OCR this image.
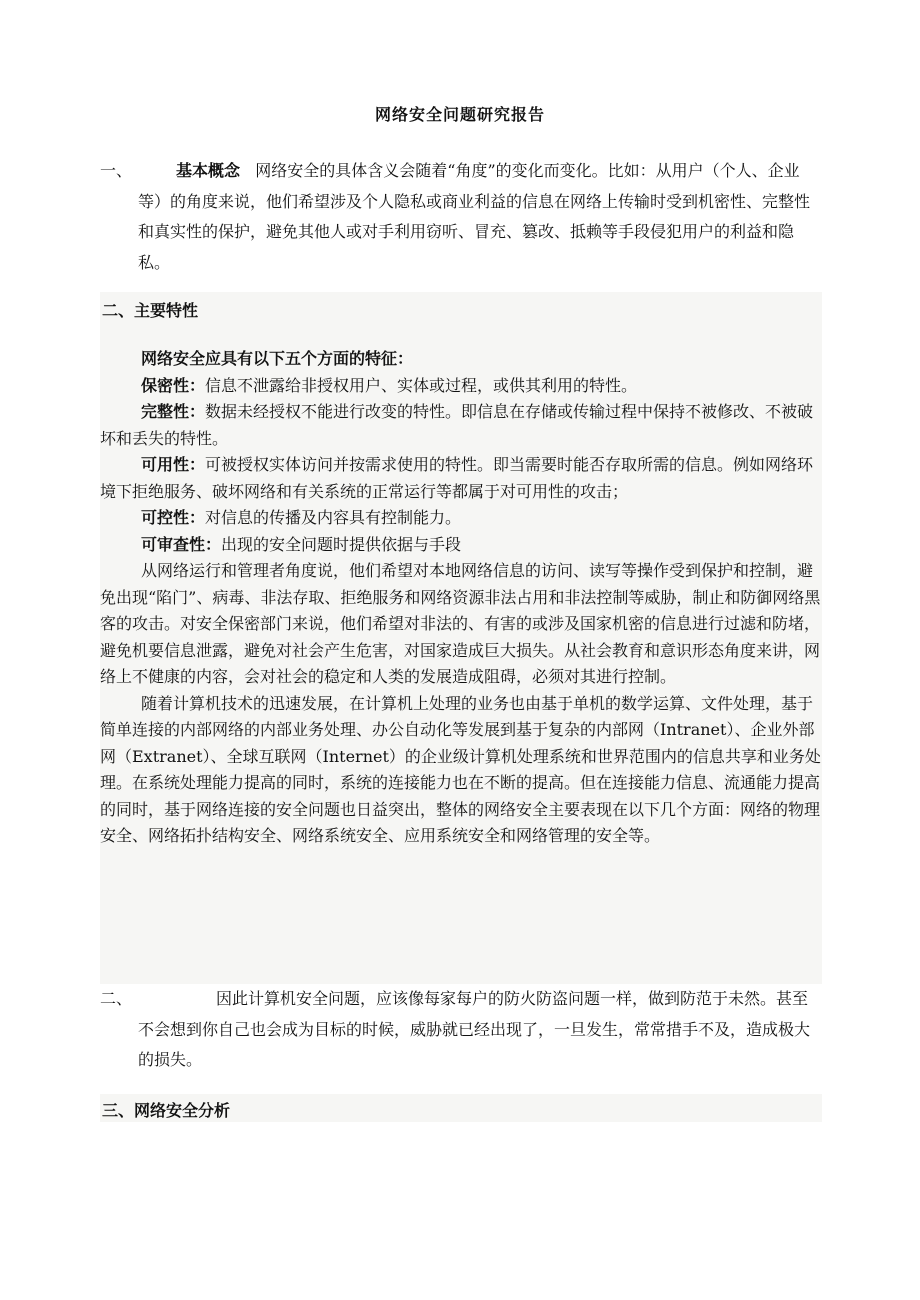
网络安全问题研究报告
一、	基本概念 网络安全的具体含义会随着“角度”的变化而变化。比如：从用户（个人、企业等）的角度来说，他们希望涉及个人隐私或商业利益的信息在网络上传输时受到机密性、完整性和真实性的保护，避免其他人或对手利用窃听、冒充、篡改、抵赖等手段侵犯用户的利益和隐私。
二、主要特性

网络安全应具有以下五个方面的特征：

保密性：信息不泄露给非授权用户、实体或过程，或供其利用的特性。

完整性：数据未经授权不能进行改变的特性。即信息在存储或传输过程中保持不被修改、不被破坏和丢失的特性。

可用性：可被授权实体访问并按需求使用的特性。即当需要时能否存取所需的信息。例如网络环境下拒绝服务、破坏网络和有关系统的正常运行等都属于对可用性的攻击；

可控性：对信息的传播及内容具有控制能力。

可审查性：出现的安全问题时提供依据与手段

从网络运行和管理者角度说，他们希望对本地网络信息的访问、读写等操作受到保护和控制，避免出现“陷门”、病毒、非法存取、拒绝服务和网络资源非法占用和非法控制等威胁，制止和防御网络黑客的攻击。对安全保密部门来说，他们希望对非法的、有害的或涉及国家机密的信息进行过滤和防堵，避免机要信息泄露，避免对社会产生危害，对国家造成巨大损失。从社会教育和意识形态角度来讲，网络上不健康的内容，会对社会的稳定和人类的发展造成阻碍，必须对其进行控制。

随着计算机技术的迅速发展，在计算机上处理的业务也由基于单机的数学运算、文件处理，基于简单连接的内部网络的内部业务处理、办公自动化等发展到基于复杂的内部网（Intranet）、企业外部网（Extranet）、全球互联网（Internet）的企业级计算机处理系统和世界范围内的信息共享和业务处理。在系统处理能力提高的同时，系统的连接能力也在不断的提高。但在连接能力信息、流通能力提高的同时，基于网络连接的安全问题也日益突出，整体的网络安全主要表现在以下几个方面：网络的物理安全、网络拓扑结构安全、网络系统安全、应用系统安全和网络管理的安全等。

二、	因此计算机安全问题，应该像每家每户的防火防盗问题一样，做到防范于未然。甚至不会想到你自己也会成为目标的时候，威胁就已经出现了，一旦发生，常常措手不及，造成极大的损失。
三、网络安全分析
